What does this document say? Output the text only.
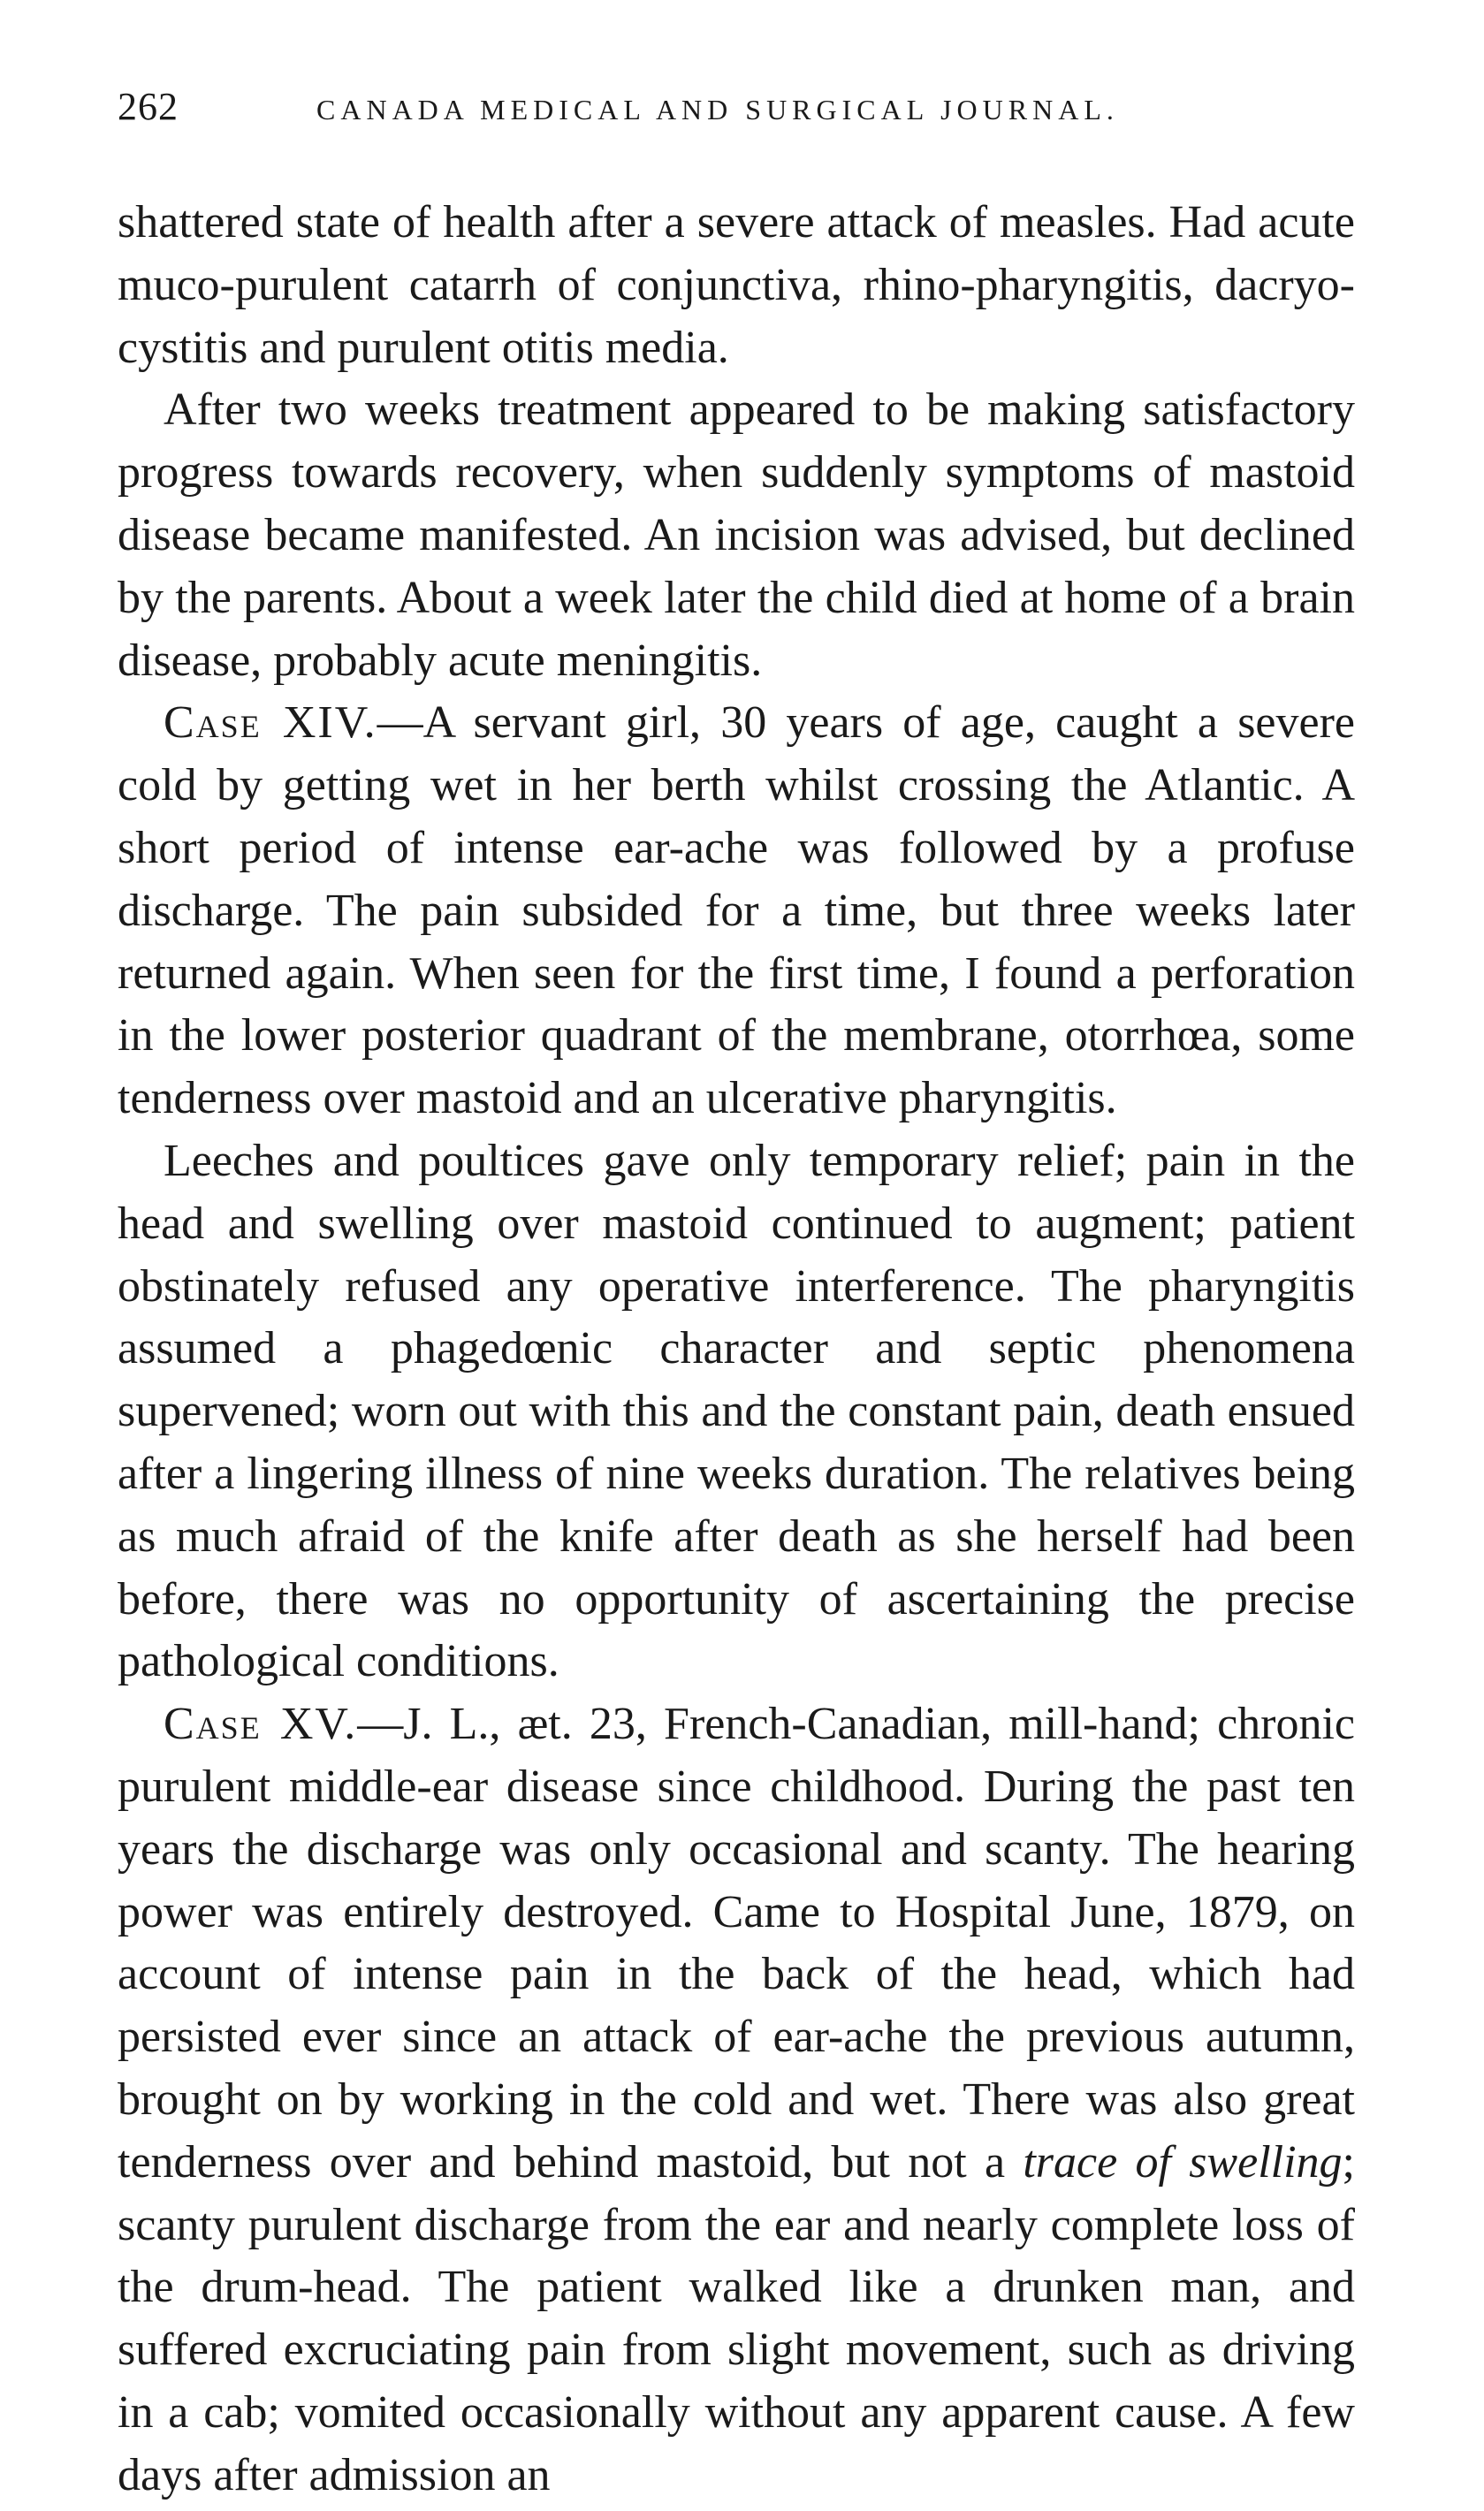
262	CANADA MEDICAL AND SURGICAL JOURNAL.

shattered state of health after a severe attack of measles. Had acute muco-purulent catarrh of conjunctiva, rhino-pharyngitis, dacryo-cystitis and purulent otitis media.

After two weeks treatment appeared to be making satisfactory progress towards recovery, when suddenly symptoms of mastoid disease became manifested. An incision was advised, but declined by the parents. About a week later the child died at home of a brain disease, probably acute meningitis.

Case XIV.—A servant girl, 30 years of age, caught a severe cold by getting wet in her berth whilst crossing the Atlantic. A short period of intense ear-ache was followed by a profuse discharge. The pain subsided for a time, but three weeks later returned again. When seen for the first time, I found a perforation in the lower posterior quadrant of the membrane, otorrhœa, some tenderness over mastoid and an ulcerative pharyngitis.

Leeches and poultices gave only temporary relief; pain in the head and swelling over mastoid continued to augment; patient obstinately refused any operative interference. The pharyngitis assumed a phagedœnic character and septic phenomena supervened; worn out with this and the constant pain, death ensued after a lingering illness of nine weeks duration. The relatives being as much afraid of the knife after death as she herself had been before, there was no opportunity of ascertaining the precise pathological conditions.

Case XV.—J. L., æt. 23, French-Canadian, mill-hand; chronic purulent middle-ear disease since childhood. During the past ten years the discharge was only occasional and scanty. The hearing power was entirely destroyed. Came to Hospital June, 1879, on account of intense pain in the back of the head, which had persisted ever since an attack of ear-ache the previous autumn, brought on by working in the cold and wet. There was also great tenderness over and behind mastoid, but not a trace of swelling; scanty purulent discharge from the ear and nearly complete loss of the drum-head. The patient walked like a drunken man, and suffered excruciating pain from slight movement, such as driving in a cab; vomited occasionally without any apparent cause. A few days after admission an
